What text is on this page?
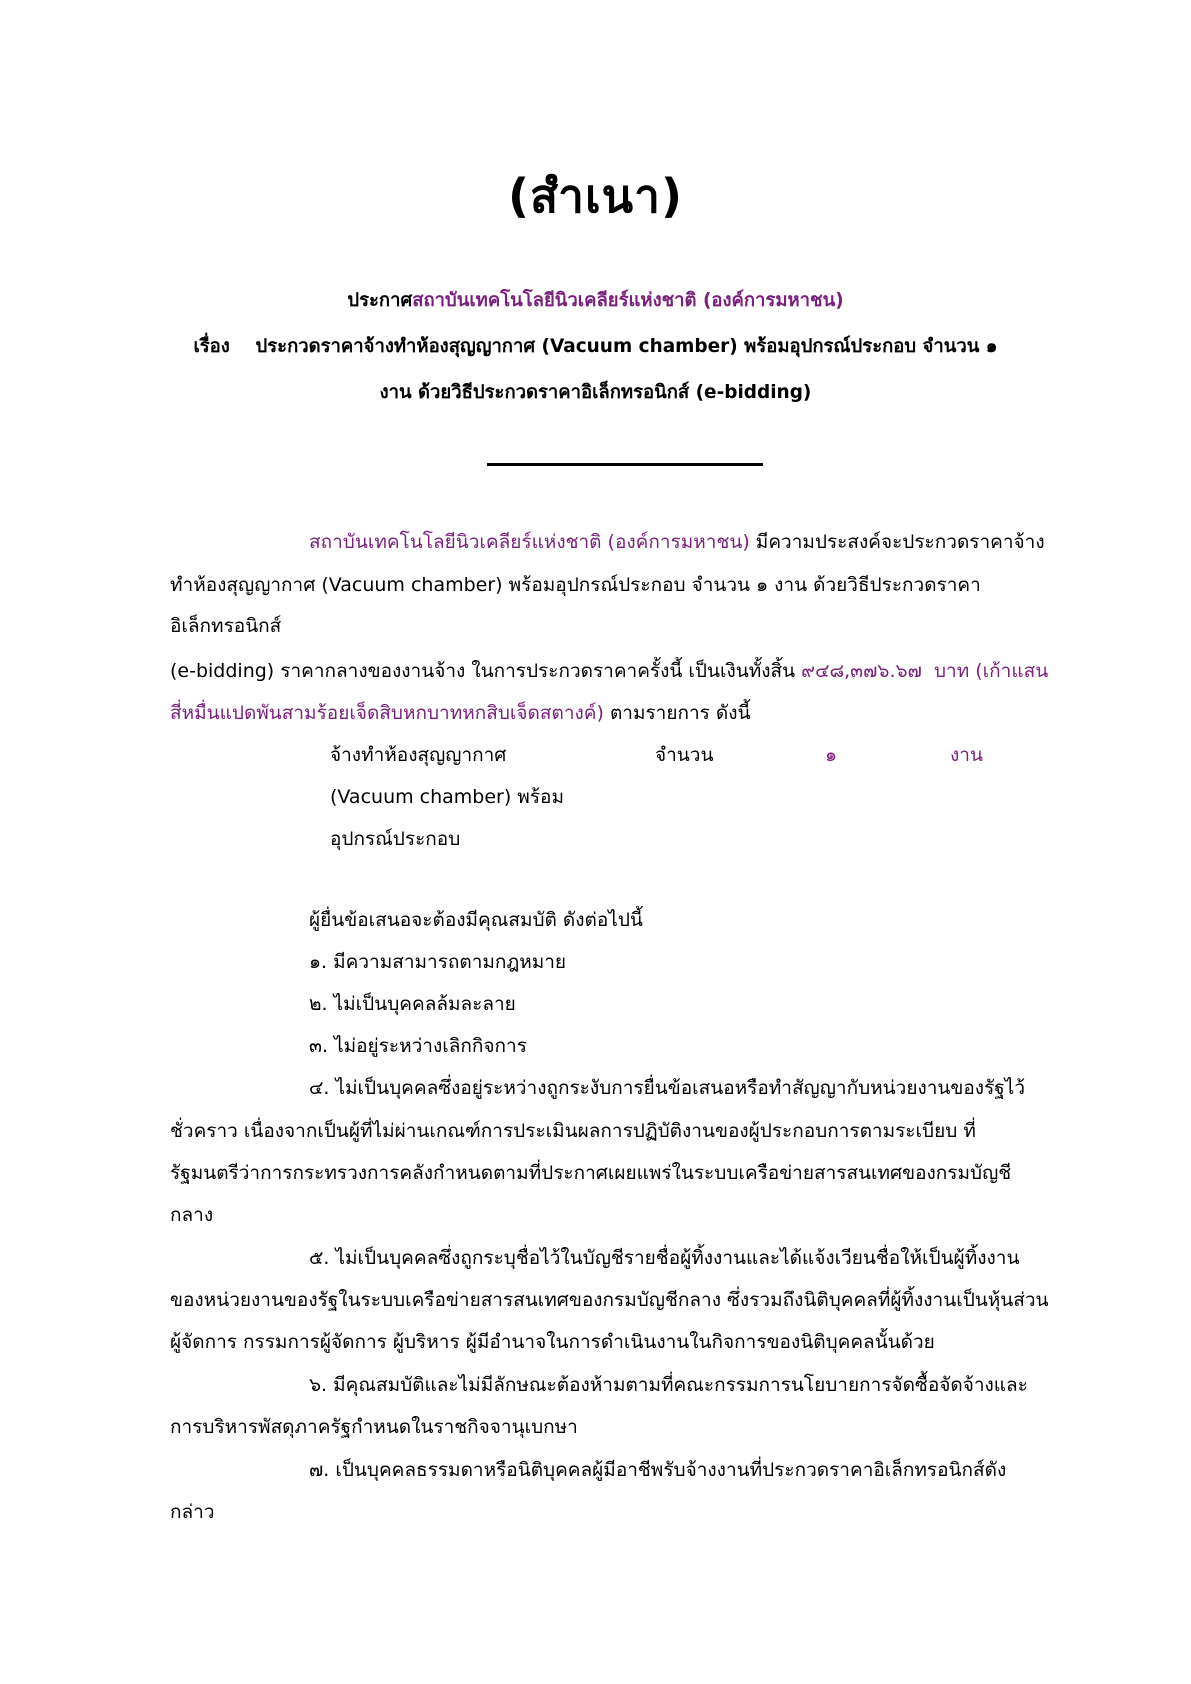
(สำเนา)

ประกาศสถาบันเทคโนโลยีนิวเคลียร์แห่งชาติ (องค์การมหาชน)

เรื่อง ประกวดราคาจ้างทำห้องสุญญากาศ (Vacuum chamber) พร้อมอุปกรณ์ประกอบ จำนวน ๑

งาน ด้วยวิธีประกวดราคาอิเล็กทรอนิกส์ (e-bidding)

สถาบันเทคโนโลยีนิวเคลียร์แห่งชาติ (องค์การมหาชน) มีความประสงค์จะประกวดราคาจ้าง

ทำห้องสุญญากาศ (Vacuum chamber) พร้อมอุปกรณ์ประกอบ จำนวน ๑ งาน ด้วยวิธีประกวดราคา

อิเล็กทรอนิกส์

(e-bidding) ราคากลางของงานจ้าง ในการประกวดราคาครั้งนี้ เป็นเงินทั้งสิ้น ๙๔๘,๓๗๖.๖๗ บาท (เก้าแสน

สี่หมื่นแปดพันสามร้อยเจ็ดสิบหกบาทหกสิบเจ็ดสตางค์) ตามรายการ ดังนี้

จ้างทำห้องสุญญากาศ

(Vacuum chamber) พร้อม

อุปกรณ์ประกอบ

จำนวน	๑	งาน

ผู้ยื่นข้อเสนอจะต้องมีคุณสมบัติ ดังต่อไปนี้

๑. มีความสามารถตามกฎหมาย

๒. ไม่เป็นบุคคลล้มละลาย

๓. ไม่อยู่ระหว่างเลิกกิจการ

๔. ไม่เป็นบุคคลซึ่งอยู่ระหว่างถูกระงับการยื่นข้อเสนอหรือทำสัญญากับหน่วยงานของรัฐไว้

ชั่วคราว เนื่องจากเป็นผู้ที่ไม่ผ่านเกณฑ์การประเมินผลการปฏิบัติงานของผู้ประกอบการตามระเบียบ ที่

รัฐมนตรีว่าการกระทรวงการคลังกำหนดตามที่ประกาศเผยแพร่ในระบบเครือข่ายสารสนเทศของกรมบัญชี

กลาง

๕. ไม่เป็นบุคคลซึ่งถูกระบุชื่อไว้ในบัญชีรายชื่อผู้ทิ้งงานและได้แจ้งเวียนชื่อให้เป็นผู้ทิ้งงาน

ของหน่วยงานของรัฐในระบบเครือข่ายสารสนเทศของกรมบัญชีกลาง ซึ่งรวมถึงนิติบุคคลที่ผู้ทิ้งงานเป็นหุ้นส่วน

ผู้จัดการ กรรมการผู้จัดการ ผู้บริหาร ผู้มีอำนาจในการดำเนินงานในกิจการของนิติบุคคลนั้นด้วย

๖. มีคุณสมบัติและไม่มีลักษณะต้องห้ามตามที่คณะกรรมการนโยบายการจัดซื้อจัดจ้างและ

การบริหารพัสดุภาครัฐกำหนดในราชกิจจานุเบกษา

๗. เป็นบุคคลธรรมดาหรือนิติบุคคลผู้มีอาชีพรับจ้างงานที่ประกวดราคาอิเล็กทรอนิกส์ดัง

กล่าว
